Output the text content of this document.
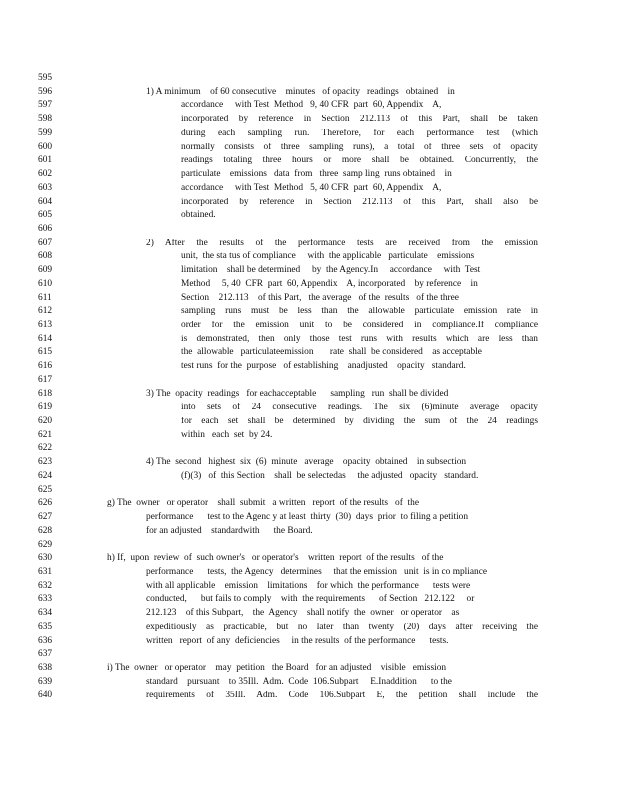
595
596	1) A minimum    of 60 consecutive    minutes   of opacity   readings   obtained    in
597	accordance     with Test  Method   9, 40 CFR  part  60, Appendix    A,
598	incorporated by reference in Section 212.113 of this Part, shall be taken
599	during each sampling run. Therefore, for each performance test (which
600	normally consists of three sampling runs), a total of three sets of opacity
601	readings totaling three hours or more shall be obtained. Concurrently, the
602	particulate    emissions   data  from   three  samp ling  runs obtained    in
603	accordance     with Test  Method   5, 40 CFR  part  60, Appendix    A,
604	incorporated by reference in Section 212.113 of this Part, shall also be
605	obtained.
606
607	2) After the results of the performance tests are received from the emission
608	unit,  the sta tus of compliance     with  the applicable   particulate    emissions
609	limitation    shall be determined     by  the Agency.In     accordance     with  Test
610	Method     5, 40  CFR  part  60, Appendix    A, incorporated    by reference    in
611	Section    212.113    of this Part,   the average   of the  results   of the three
612	sampling runs must be less than the allowable particulate emission rate in
613	order for the emission unit to be considered in compliance.If compliance
614	is demonstrated, then only those test runs with results which are less than
615	the  allowable   particulateemission       rate  shall  be considered    as acceptable
616	test runs  for the  purpose   of establishing    anadjusted    opacity   standard.
617
618	3) The  opacity  readings   for eachacceptable      sampling   run  shall be divided
619	into sets of 24 consecutive readings. The six (6)minute average opacity
620	for each set shall be determined by dividing the sum of the 24 readings
621	within   each  set  by 24.
622
623	4) The  second   highest  six  (6)  minute   average    opacity  obtained    in subsection
624	(f)(3)   of  this Section    shall  be selectedas     the adjusted   opacity   standard.
625
626	g) The  owner   or operator    shall  submit   a written   report  of the results   of  the
627	performance      test to the Agenc y at least  thirty  (30)  days  prior  to filing a petition
628	for an adjusted    standardwith      the Board.
629
630	h) If,  upon  review  of  such owner's   or operator's    written  report  of the results   of the
631	performance      tests,  the Agency   determines     that the emission   unit  is in co mpliance
632	with all applicable    emission    limitations    for which  the performance      tests were
633	conducted,      but fails to comply    with  the requirements      of Section   212.122     or
634	212.123    of this Subpart,    the  Agency    shall notify  the  owner   or operator    as
635	expeditiously as practicable, but no later than twenty (20) days after receiving the
636	written   report  of any  deficiencies     in the results  of the performance      tests.
637
638	i) The  owner   or operator    may  petition   the Board   for an adjusted    visible   emission
639	standard    pursuant    to 35Ill.  Adm.  Code  106.Subpart     E.Inaddition      to the
640	requirements of 35Ill. Adm. Code 106.Subpart E, the petition shall include the
